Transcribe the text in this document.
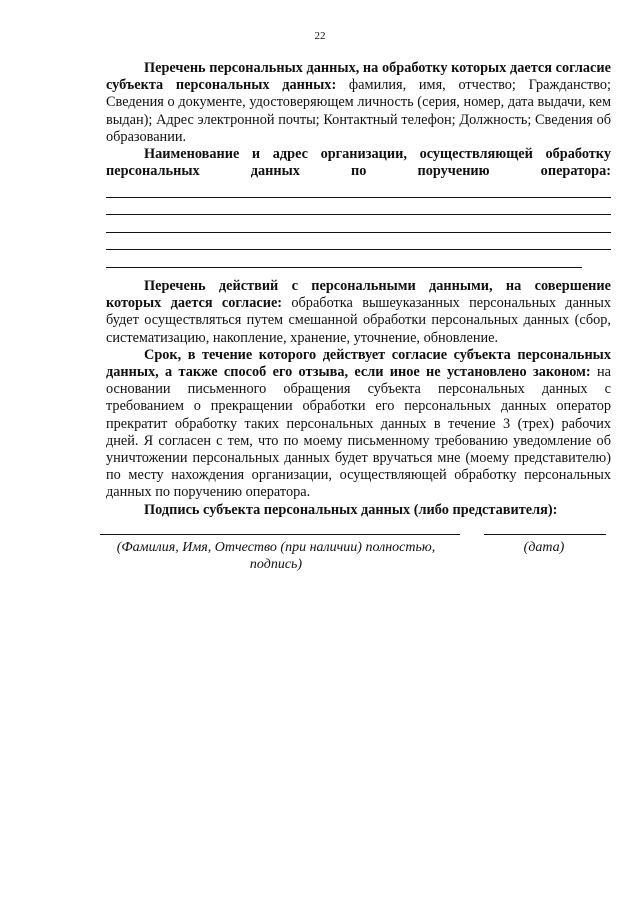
22

Перечень персональных данных, на обработку которых дается согласие субъекта персональных данных: фамилия, имя, отчество; Гражданство; Сведения о документе, удостоверяющем личность (серия, номер, дата выдачи, кем выдан); Адрес электронной почты; Контактный телефон; Должность; Сведения об образовании.

Наименование и адрес организации, осуществляющей обработку персональных данных по поручению оператора:

Перечень действий с персональными данными, на совершение которых дается согласие: обработка вышеуказанных персональных данных будет осуществляться путем смешанной обработки персональных данных (сбор, систематизацию, накопление, хранение, уточнение, обновление.

Срок, в течение которого действует согласие субъекта персональных данных, а также способ его отзыва, если иное не установлено законом: на основании письменного обращения субъекта персональных данных с требованием о прекращении обработки его персональных данных оператор прекратит обработку таких персональных данных в течение 3 (трех) рабочих дней. Я согласен с тем, что по моему письменному требованию уведомление об уничтожении персональных данных будет вручаться мне (моему представителю) по месту нахождения организации, осуществляющей обработку персональных данных по поручению оператора.

Подпись субъекта персональных данных (либо представителя):

(Фамилия, Имя, Отчество (при наличии) полностью, подпись)
(дата)
